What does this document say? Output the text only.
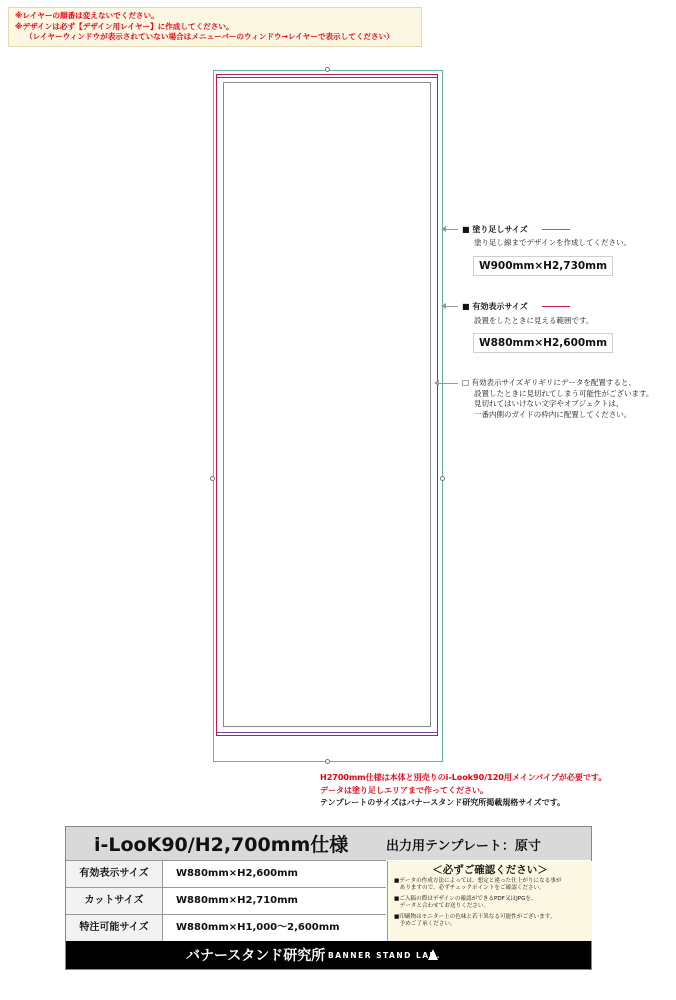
※レイヤーの順番は変えないでください。
※デザインは必ず【デザイン用レイヤー】に作成してください。
（レイヤーウィンドウが表示されていない場合はメニューバーのウィンドウ→レイヤーで表示してください）
■ 塗り足しサイズ
塗り足し線までデザインを作成してください。
W900mm×H2,730mm
■ 有効表示サイズ
設置をしたときに見える範囲です。
W880mm×H2,600mm
□ 有効表示サイズギリギリにデータを配置すると、
設置したときに見切れてしまう可能性がございます。
見切れてはいけない文字やオブジェクトは、
一番内側のガイドの枠内に配置してください。
H2700mm仕様は本体と別売りのi-Look90/120用メインパイプが必要です。
データは塗り足しエリアまで作ってください。
テンプレートのサイズはバナースタンド研究所掲載規格サイズです。
i-LooK90/H2,700mm仕様	出力用テンプレート：原寸
有効表示サイズ	W880mm×H2,600mm
カットサイズ	W880mm×H2,710mm
特注可能サイズ	W880mm×H1,000〜2,600mm
＜必ずご確認ください＞
■データの作成方法によっては、想定と違った仕上がりになる事が
　ありますので、必ずチェックポイントをご確認ください。
■ご入稿の際はデザインの確認ができるPDF又はJPGを、
　データと合わせてお送りください。
■印刷物はモニター上の色味と若干異なる可能性がございます。
　予めご了承ください。
バナースタンド研究所 BANNER STAND LAB.
